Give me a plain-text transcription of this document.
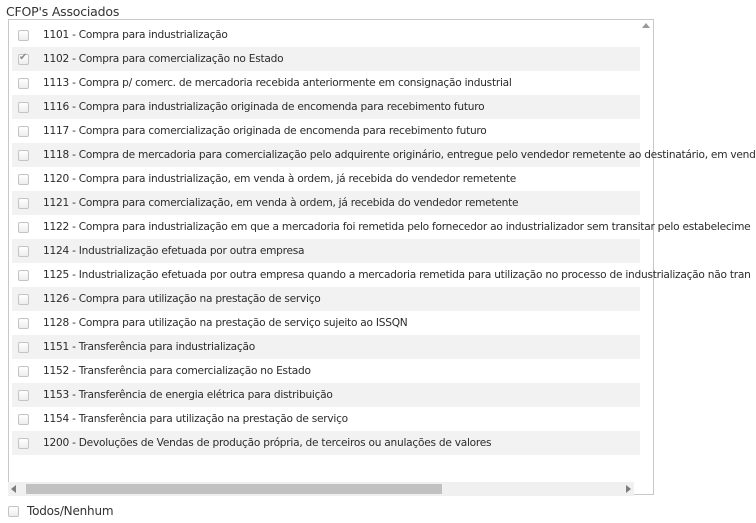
CFOP's Associados
1101 - Compra para industrialização
✔
1102 - Compra para comercialização no Estado
1113 - Compra p/ comerc. de mercadoria recebida anteriormente em consignação industrial
1116 - Compra para industrialização originada de encomenda para recebimento futuro
1117 - Compra para comercialização originada de encomenda para recebimento futuro
1118 - Compra de mercadoria para comercialização pelo adquirente originário, entregue pelo vendedor remetente ao destinatário, em vend
1120 - Compra para industrialização, em venda à ordem, já recebida do vendedor remetente
1121 - Compra para comercialização, em venda à ordem, já recebida do vendedor remetente
1122 - Compra para industrialização em que a mercadoria foi remetida pelo fornecedor ao industrializador sem transitar pelo estabelecime
1124 - Industrialização efetuada por outra empresa
1125 - Industrialização efetuada por outra empresa quando a mercadoria remetida para utilização no processo de industrialização não tran
1126 - Compra para utilização na prestação de serviço
1128 - Compra para utilização na prestação de serviço sujeito ao ISSQN
1151 - Transferência para industrialização
1152 - Transferência para comercialização no Estado
1153 - Transferência de energia elétrica para distribuição
1154 - Transferência para utilização na prestação de serviço
1200 - Devoluções de Vendas de produção própria, de terceiros ou anulações de valores
Todos/Nenhum
